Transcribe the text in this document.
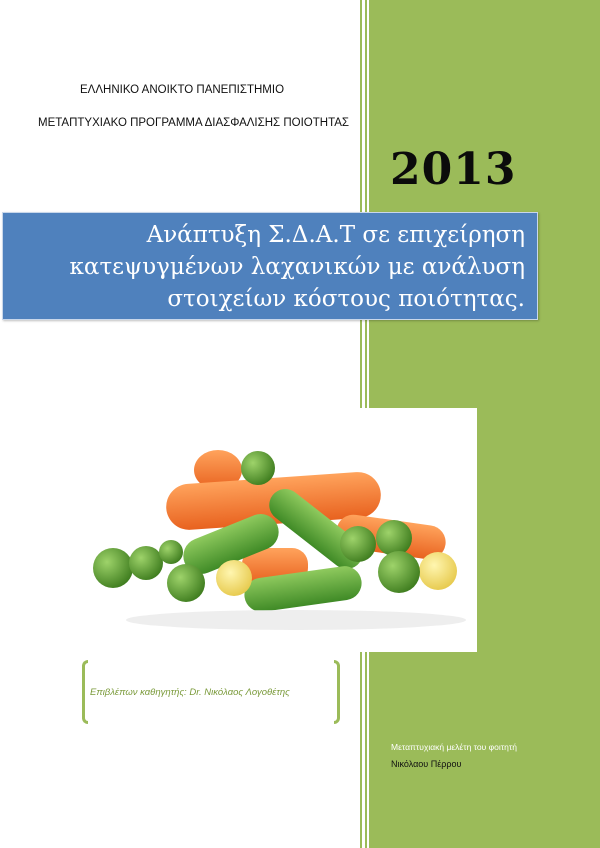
ΕΛΛΗΝΙΚΟ ΑΝΟΙΚΤΟ ΠΑΝΕΠΙΣΤΗΜΙΟ
ΜΕΤΑΠΤΥΧΙΑΚΟ ΠΡΟΓΡΑΜΜΑ ΔΙΑΣΦΑΛΙΣΗΣ ΠΟΙΟΤΗΤΑΣ
2013
Ανάπτυξη Σ.Δ.Α.Τ σε επιχείρηση
κατεψυγμένων λαχανικών με ανάλυση
στοιχείων κόστους ποιότητας.
Επιβλέπων καθηγητής: Dr. Νικόλαος Λογοθέτης
Μεταπτυχιακή μελέτη του φοιτητή
Νικόλαου Πέρρου
